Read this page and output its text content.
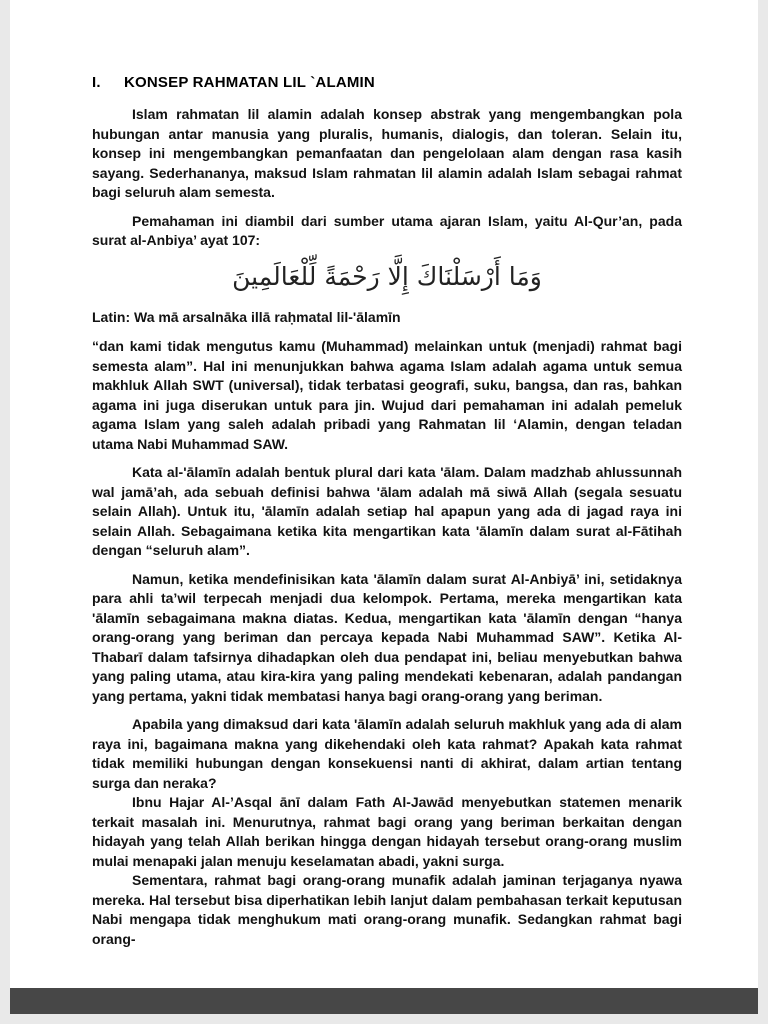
I.	KONSEP RAHMATAN LIL `ALAMIN

Islam rahmatan lil alamin adalah konsep abstrak yang mengembangkan pola hubungan antar manusia yang pluralis, humanis, dialogis, dan toleran. Selain itu, konsep ini mengembangkan pemanfaatan dan pengelolaan alam dengan rasa kasih sayang. Sederhananya, maksud Islam rahmatan lil alamin adalah Islam sebagai rahmat bagi seluruh alam semesta.

Pemahaman ini diambil dari sumber utama ajaran Islam, yaitu Al-Qur’an, pada surat al-Anbiya’ ayat 107:

وَمَا أَرْسَلْنَاكَ إِلَّا رَحْمَةً لِّلْعَالَمِينَ

Latin: Wa mā arsalnāka illā raḥmatal lil-'ālamīn

“dan kami tidak mengutus kamu (Muhammad) melainkan untuk (menjadi) rahmat bagi semesta alam”. Hal ini menunjukkan bahwa agama Islam adalah agama untuk semua makhluk Allah SWT (universal), tidak terbatasi geografi, suku, bangsa, dan ras, bahkan agama ini juga diserukan untuk para jin. Wujud dari pemahaman ini adalah pemeluk agama Islam yang saleh adalah pribadi yang Rahmatan lil ‘Alamin, dengan teladan utama Nabi Muhammad SAW.

Kata al-'ālamīn adalah bentuk plural dari kata 'ālam. Dalam madzhab ahlussunnah wal jamā’ah, ada sebuah definisi bahwa 'ālam adalah mā siwā Allah (segala sesuatu selain Allah). Untuk itu, 'ālamīn adalah setiap hal apapun yang ada di jagad raya ini selain Allah. Sebagaimana ketika kita mengartikan kata 'ālamīn dalam surat al-Fātihah dengan “seluruh alam”.

Namun, ketika mendefinisikan kata 'ālamīn dalam surat Al-Anbiyā’ ini, setidaknya para ahli ta’wil terpecah menjadi dua kelompok. Pertama, mereka mengartikan kata 'ālamīn sebagaimana makna diatas. Kedua, mengartikan kata 'ālamīn dengan “hanya orang-orang yang beriman dan percaya kepada Nabi Muhammad SAW”. Ketika Al-Thabarī dalam tafsirnya dihadapkan oleh dua pendapat ini, beliau menyebutkan bahwa yang paling utama, atau kira-kira yang paling mendekati kebenaran, adalah pandangan yang pertama, yakni tidak membatasi hanya bagi orang-orang yang beriman.

Apabila yang dimaksud dari kata 'ālamīn adalah seluruh makhluk yang ada di alam raya ini, bagaimana makna yang dikehendaki oleh kata rahmat? Apakah kata rahmat tidak memiliki hubungan dengan konsekuensi nanti di akhirat, dalam artian tentang surga dan neraka?

Ibnu Hajar Al-’Asqal ānī dalam Fath Al-Jawād menyebutkan statemen menarik terkait masalah ini. Menurutnya, rahmat bagi orang yang beriman berkaitan dengan hidayah yang telah Allah berikan hingga dengan hidayah tersebut orang-orang muslim mulai menapaki jalan menuju keselamatan abadi, yakni surga.

Sementara, rahmat bagi orang-orang munafik adalah jaminan terjaganya nyawa mereka. Hal tersebut bisa diperhatikan lebih lanjut dalam pembahasan terkait keputusan Nabi mengapa tidak menghukum mati orang-orang munafik. Sedangkan rahmat bagi orang-
